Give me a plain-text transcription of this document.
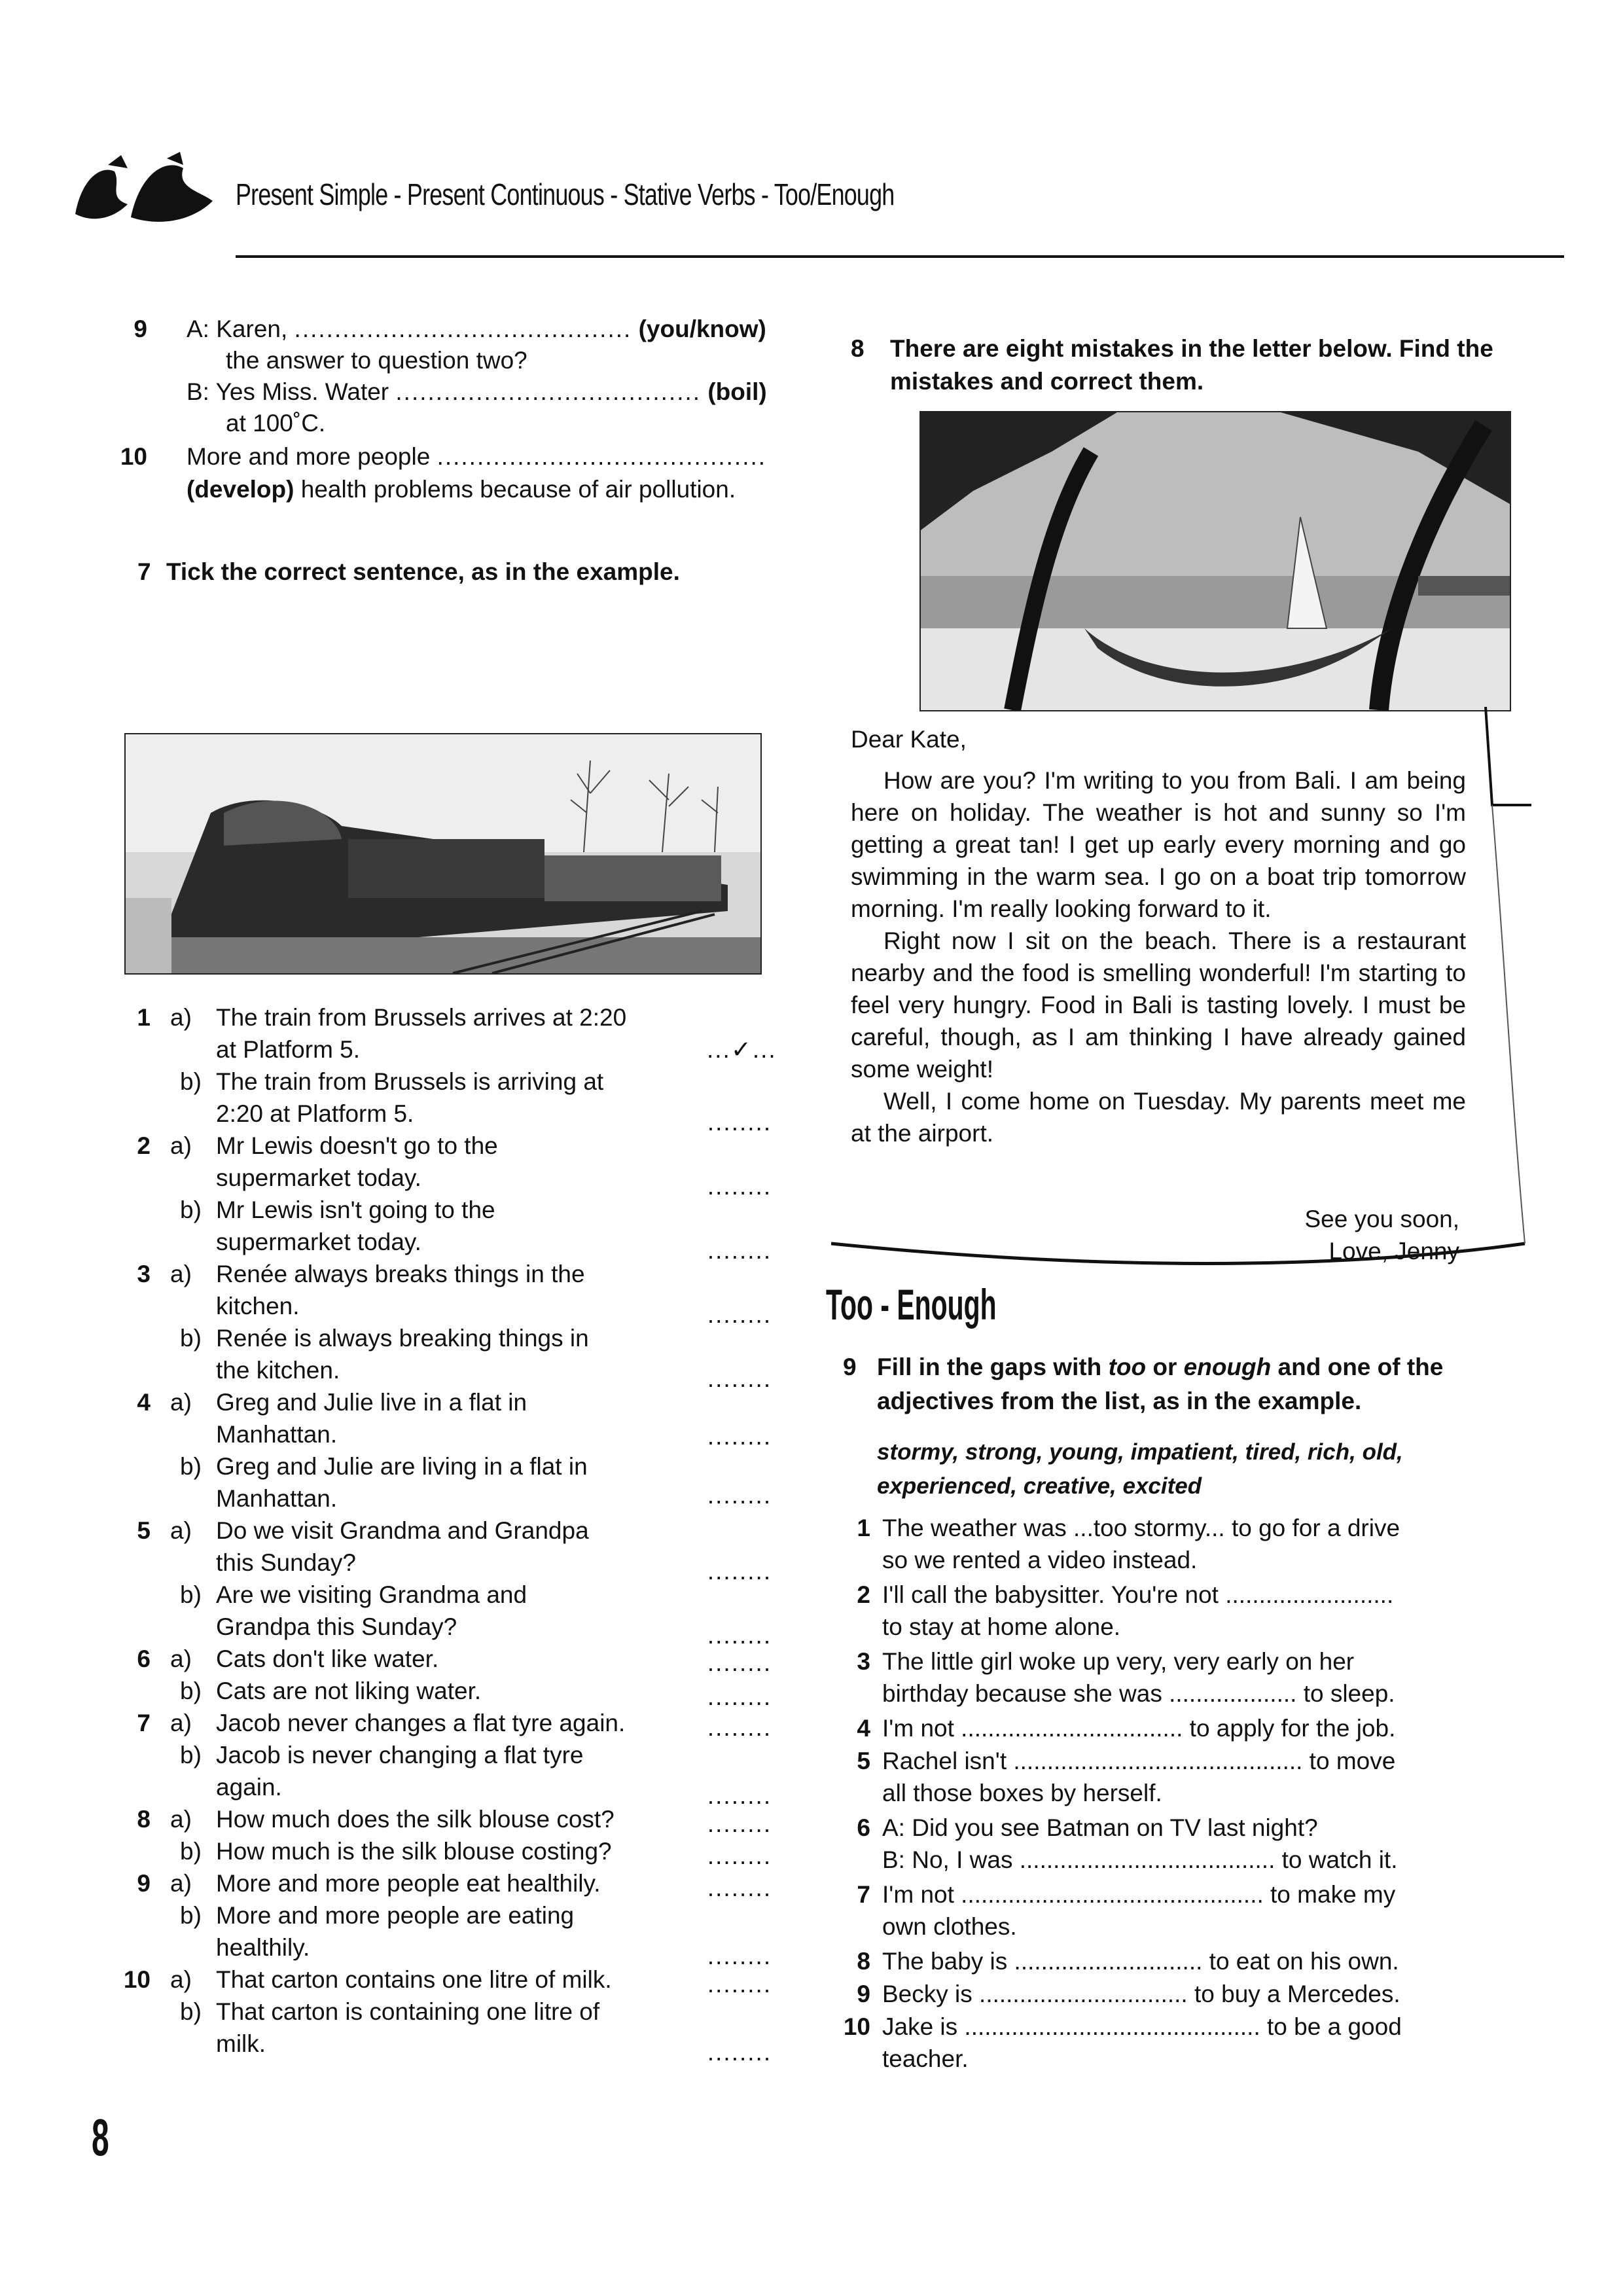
Present Simple - Present Continuous - Stative Verbs - Too/Enough
9 A: Karen, .......................................... (you/know)
the answer to question two?
B: Yes Miss. Water ...................................... (boil)
at 100˚C.
10 More and more people .........................................
(develop) health problems because of air pollution.
7 Tick the correct sentence, as in the example.
1 a) The train from Brussels arrives at 2:20
at Platform 5.	...✓...
b) The train from Brussels is arriving at
2:20 at Platform 5.	........
2 a) Mr Lewis doesn't go to the
supermarket today.	........
b) Mr Lewis isn't going to the
supermarket today.	........
3 a) Renée always breaks things in the
kitchen.	........
b) Renée is always breaking things in
the kitchen.	........
4 a) Greg and Julie live in a flat in
Manhattan.	........
b) Greg and Julie are living in a flat in
Manhattan.	........
5 a) Do we visit Grandma and Grandpa
this Sunday?	........
b) Are we visiting Grandma and
Grandpa this Sunday?	........
6 a) Cats don't like water.	........
b) Cats are not liking water.	........
7 a) Jacob never changes a flat tyre again.	........
b) Jacob is never changing a flat tyre
again.	........
8 a) How much does the silk blouse cost?	........
b) How much is the silk blouse costing?	........
9 a) More and more people eat healthily.	........
b) More and more people are eating
healthily.	........
10 a) That carton contains one litre of milk.	........
b) That carton is containing one litre of
milk.	........
8 There are eight mistakes in the letter below. Find the mistakes and correct them.

Dear Kate,

How are you? I'm writing to you from Bali. I am being here on holiday. The weather is hot and sunny so I'm getting a great tan! I get up early every morning and go swimming in the warm sea. I go on a boat trip tomorrow morning. I'm really looking forward to it.

Right now I sit on the beach. There is a restaurant nearby and the food is smelling wonderful! I'm starting to feel very hungry. Food in Bali is tasting lovely. I must be careful, though, as I am thinking I have already gained some weight!

Well, I come home on Tuesday. My parents meet me at the airport.

See you soon,
Love, Jenny
Too - Enough
9 Fill in the gaps with too or enough and one of the adjectives from the list, as in the example.
stormy, strong, young, impatient, tired, rich, old, experienced, creative, excited
1 The weather was ...too stormy... to go for a drive
so we rented a video instead.
2 I'll call the babysitter. You're not .........................
to stay at home alone.
3 The little girl woke up very, very early on her
birthday because she was ................... to sleep.
4 I'm not ................................. to apply for the job.
5 Rachel isn't ........................................... to move
all those boxes by herself.
6 A: Did you see Batman on TV last night?
B: No, I was ...................................... to watch it.
7 I'm not ............................................. to make my
own clothes.
8 The baby is ............................ to eat on his own.
9 Becky is ............................... to buy a Mercedes.
10 Jake is ............................................ to be a good
teacher.
8
